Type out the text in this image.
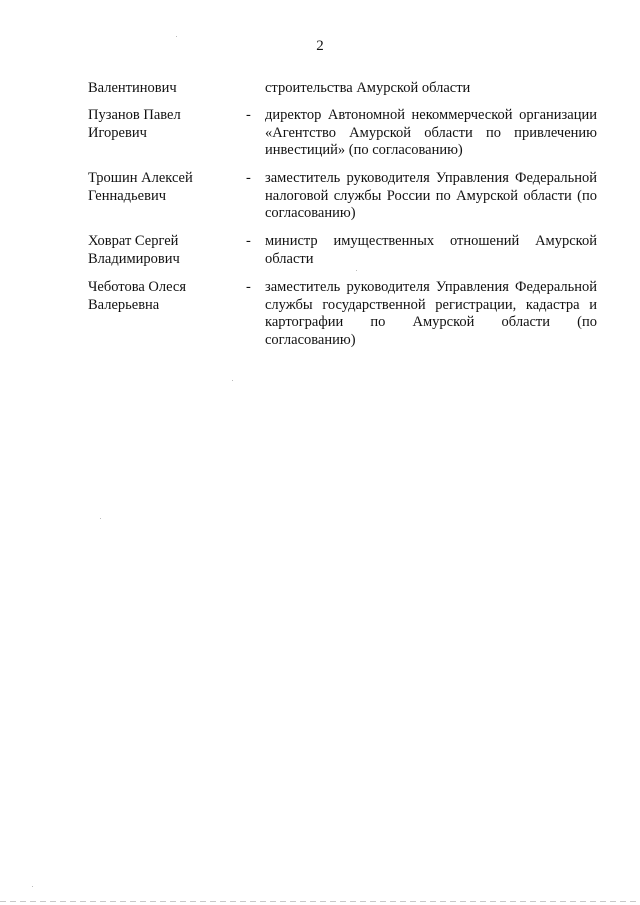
2
Валентинович	строительства Амурской области
Пузанов Павел
Игоревич
- директор Автономной некоммерческой организации «Агентство Амурской области по привлечению инвестиций» (по согласованию)
Трошин Алексей
Геннадьевич
- заместитель руководителя Управления Федеральной налоговой службы России по Амурской области (по согласованию)
Ховрат Сергей
Владимирович
- министр имущественных отношений Амурской области
Чеботова Олеся
Валерьевна
- заместитель руководителя Управления Федеральной службы государственной регистрации, кадастра и картографии по Амурской области (по согласованию)
